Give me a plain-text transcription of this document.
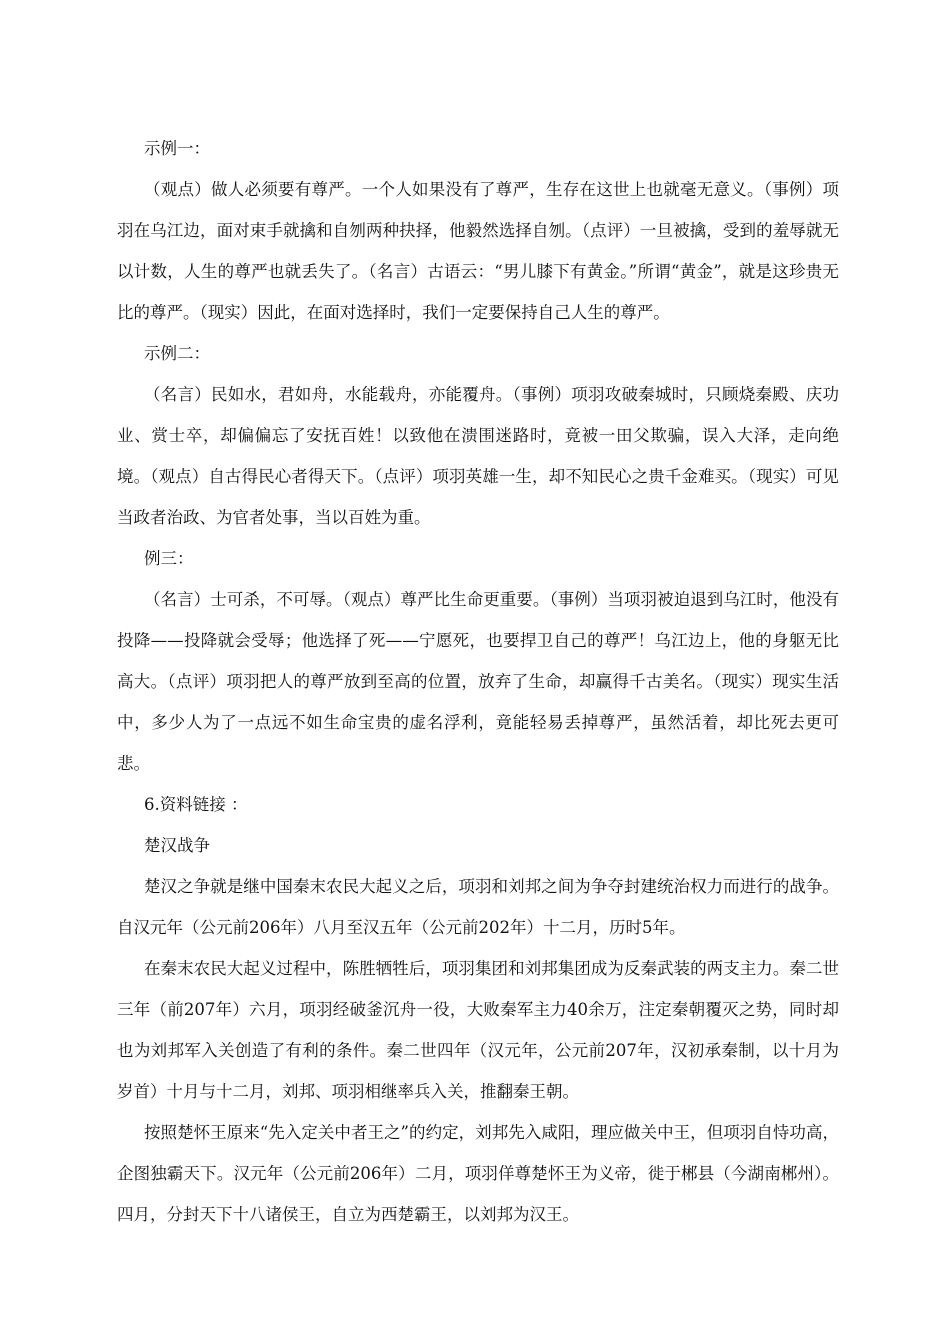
示例一：

（观点）做人必须要有尊严。一个人如果没有了尊严，生存在这世上也就毫无意义。（事例）项羽在乌江边，面对束手就擒和自刎两种抉择，他毅然选择自刎。（点评）一旦被擒，受到的羞辱就无以计数，人生的尊严也就丢失了。（名言）古语云：“男儿膝下有黄金。”所谓“黄金”，就是这珍贵无比的尊严。（现实）因此，在面对选择时，我们一定要保持自己人生的尊严。

示例二：

（名言）民如水，君如舟，水能载舟，亦能覆舟。（事例）项羽攻破秦城时，只顾烧秦殿、庆功业、赏士卒，却偏偏忘了安抚百姓！以致他在溃围迷路时，竟被一田父欺骗，误入大泽，走向绝境。（观点）自古得民心者得天下。（点评）项羽英雄一生，却不知民心之贵千金难买。（现实）可见当政者治政、为官者处事，当以百姓为重。

例三：

（名言）士可杀，不可辱。（观点）尊严比生命更重要。（事例）当项羽被迫退到乌江时，他没有投降——投降就会受辱；他选择了死——宁愿死，也要捍卫自己的尊严！乌江边上，他的身躯无比高大。（点评）项羽把人的尊严放到至高的位置，放弃了生命，却赢得千古美名。（现实）现实生活中，多少人为了一点远不如生命宝贵的虚名浮利，竟能轻易丢掉尊严，虽然活着，却比死去更可悲。

6.资料链接 ：

楚汉战争

楚汉之争就是继中国秦末农民大起义之后，项羽和刘邦之间为争夺封建统治权力而进行的战争。自汉元年（公元前206年）八月至汉五年（公元前202年）十二月，历时5年。

在秦末农民大起义过程中，陈胜牺牲后，项羽集团和刘邦集团成为反秦武装的两支主力。秦二世三年（前207年）六月，项羽经破釜沉舟一役，大败秦军主力40余万，注定秦朝覆灭之势，同时却也为刘邦军入关创造了有利的条件。秦二世四年（汉元年，公元前207年，汉初承秦制，以十月为岁首）十月与十二月，刘邦、项羽相继率兵入关，推翻秦王朝。

按照楚怀王原来“先入定关中者王之”的约定，刘邦先入咸阳，理应做关中王，但项羽自恃功高，企图独霸天下。汉元年（公元前206年）二月，项羽佯尊楚怀王为义帝，徙于郴县（今湖南郴州）。四月，分封天下十八诸侯王，自立为西楚霸王，以刘邦为汉王。
